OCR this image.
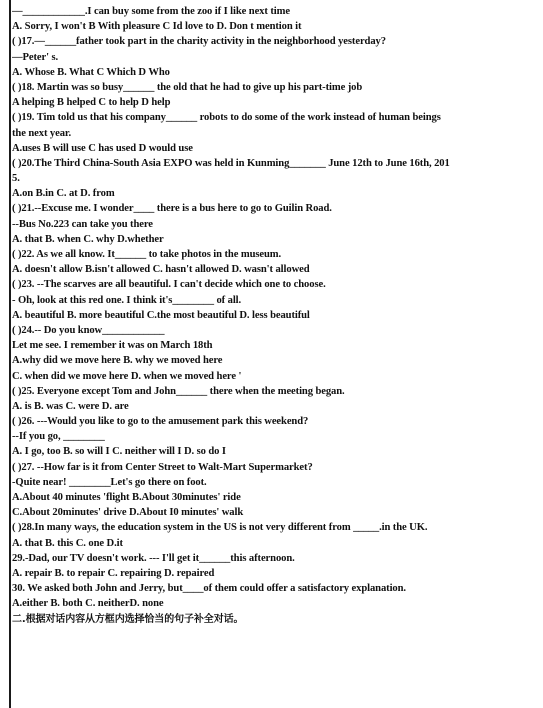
—____________.I can buy some from the zoo if I like next time
A. Sorry, I won't B With pleasure C Id love to D. Don t mention it
( )17.—______father took part in the charity activity in the neighborhood yesterday?
—Peter' s.
A. Whose B. What C Which D Who
( )18. Martin was so busy______ the old that he had to give up his part-time job
A helping B helped C to help D help
( )19. Tim told us that his company______ robots to do some of the work instead of human beings
the next year.
A.uses B will use C has used D would use
( )20.The Third China-South Asia EXPO was held in Kunming_______ June 12th to June 16th, 201
5.
A.on B.in C. at D. from
( )21.--Excuse me. I wonder____ there is a bus here to go to Guilin Road.
--Bus No.223 can take you there
A. that B. when C. why D.whether
( )22. As we all know. It______ to take photos in the museum.
A. doesn't allow B.isn't allowed C. hasn't allowed D. wasn't allowed
( )23. --The scarves are all beautiful. I can't decide which one to choose.
- Oh, look at this red one. I think it's________ of all.
A. beautiful B. more beautiful C.the most beautiful D. less beautiful
( )24.-- Do you know____________
Let me see. I remember it was on March 18th
A.why did we move here B. why we moved here
C. when did we move here D. when we moved here '
( )25. Everyone except Tom and John______ there when the meeting began.
A. is B. was C. were D. are
( )26. ---Would you like to go to the amusement park this weekend?
--If you go, ________
A. I go, too B. so will I C. neither will I D. so do I
( )27. --How far is it from Center Street to Walt-Mart Supermarket?
-Quite near! ________Let's go there on foot.
A.About 40 minutes 'flight B.About 30minutes' ride
C.About 20minutes' drive D.About I0 minutes' walk
( )28.In many ways, the education system in the US is not very different from _____.in the UK.
A. that B. this C. one D.it
29.-Dad, our TV doesn't work. --- I'll get it______this afternoon.
A. repair B. to repair C. repairing D. repaired
30. We asked both John and Jerry, but____of them could offer a satisfactory explanation.
A.either B. both C. neitherD. none
二.根据对话内容从方框内选择恰当的句子补全对话。
